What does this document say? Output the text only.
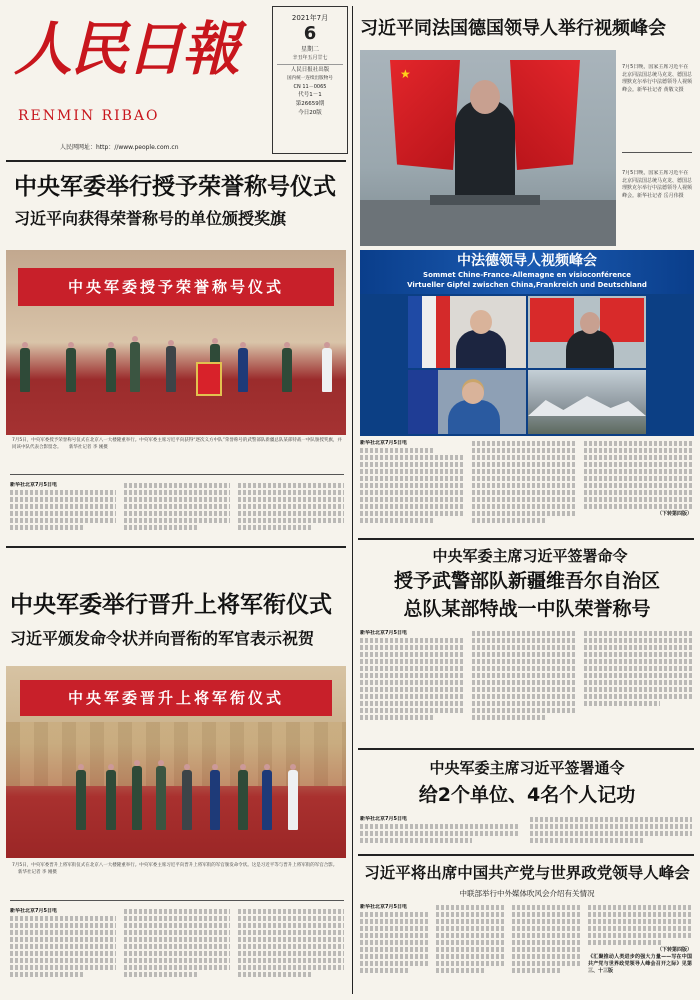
人民日報
RENMIN RIBAO
人民网网址：http：//www.people.com.cn
2021年7月
6
星期二
辛丑年五月廿七
人民日报社出版
国内统一连续出版物号
CN 11－0065
代号1－1
第26659期
今日20版
习近平同法国德国领导人举行视频峰会
★	7月5日晚，国家主席习近平在北京同法国总统马克龙、德国总理默克尔举行中法德领导人视频峰会。新华社记者 黄敬文摄
7月5日晚，国家主席习近平在北京同法国总统马克龙、德国总理默克尔举行中法德领导人视频峰会。新华社记者 岳月伟摄
中法德领导人视频峰会
Sommet Chine-France-Allemagne en visioconférence
Virtueller Gipfel zwischen China,Frankreich und Deutschland
新华社北京7月5日电
（下转第四版）
中央军委举行授予荣誉称号仪式
习近平向获得荣誉称号的单位颁授奖旗
中央军委授予荣誉称号仪式
7月5日，中央军委授予荣誉称号仪式在北京八一大楼隆重举行。中央军委主席习近平向获得“逐次义方中队”荣誉称号的武警部队新疆总队某部特战一中队颁授奖旗，并同该中队代表合影留念。 新华社记者 李 刚摄
新华社北京7月5日电
中央军委举行晋升上将军衔仪式
习近平颁发命令状并向晋衔的军官表示祝贺
中央军委晋升上将军衔仪式
7月5日，中央军委晋升上将军衔仪式在北京八一大楼隆重举行。中央军委主席习近平向晋升上将军衔的军官颁发命令状。这是习近平等与晋升上将军衔的军官合影。 新华社记者 李 刚摄
新华社北京7月5日电
中央军委主席习近平签署命令
授予武警部队新疆维吾尔自治区
总队某部特战一中队荣誉称号
新华社北京7月5日电
中央军委主席习近平签署通令
给2个单位、4名个人记功
新华社北京7月5日电
习近平将出席中国共产党与世界政党领导人峰会
中联部举行中外媒体吹风会介绍有关情况
新华社北京7月5日电
（下转第四版）
《汇聚推动人类进步的强大力量——写在中国共产党与世界政党领导人峰会召开之际》见第三、十三版
